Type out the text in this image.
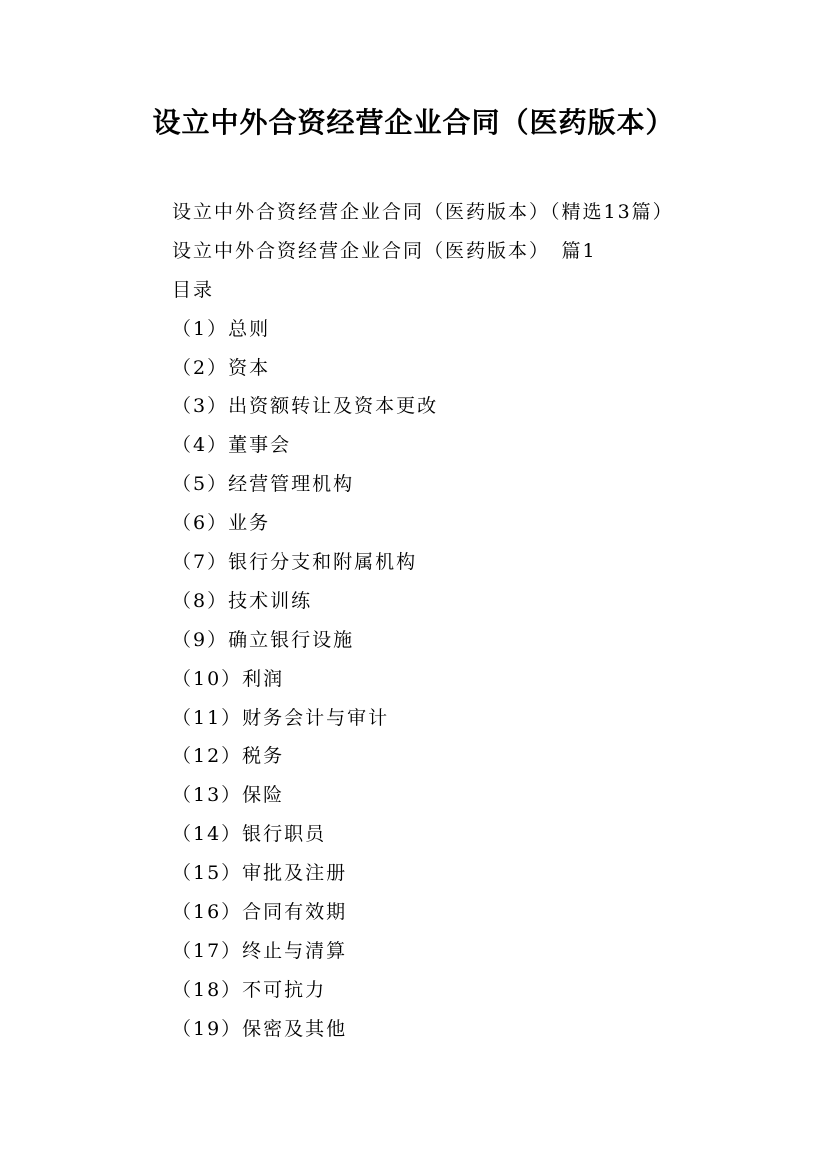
设立中外合资经营企业合同（医药版本）
设立中外合资经营企业合同（医药版本）（精选13篇）
设立中外合资经营企业合同（医药版本）　篇1
目录
（1）总则
（2）资本
（3）出资额转让及资本更改
（4）董事会
（5）经营管理机构
（6）业务
（7）银行分支和附属机构
（8）技术训练
（9）确立银行设施
（10）利润
（11）财务会计与审计
（12）税务
（13）保险
（14）银行职员
（15）审批及注册
（16）合同有效期
（17）终止与清算
（18）不可抗力
（19）保密及其他
